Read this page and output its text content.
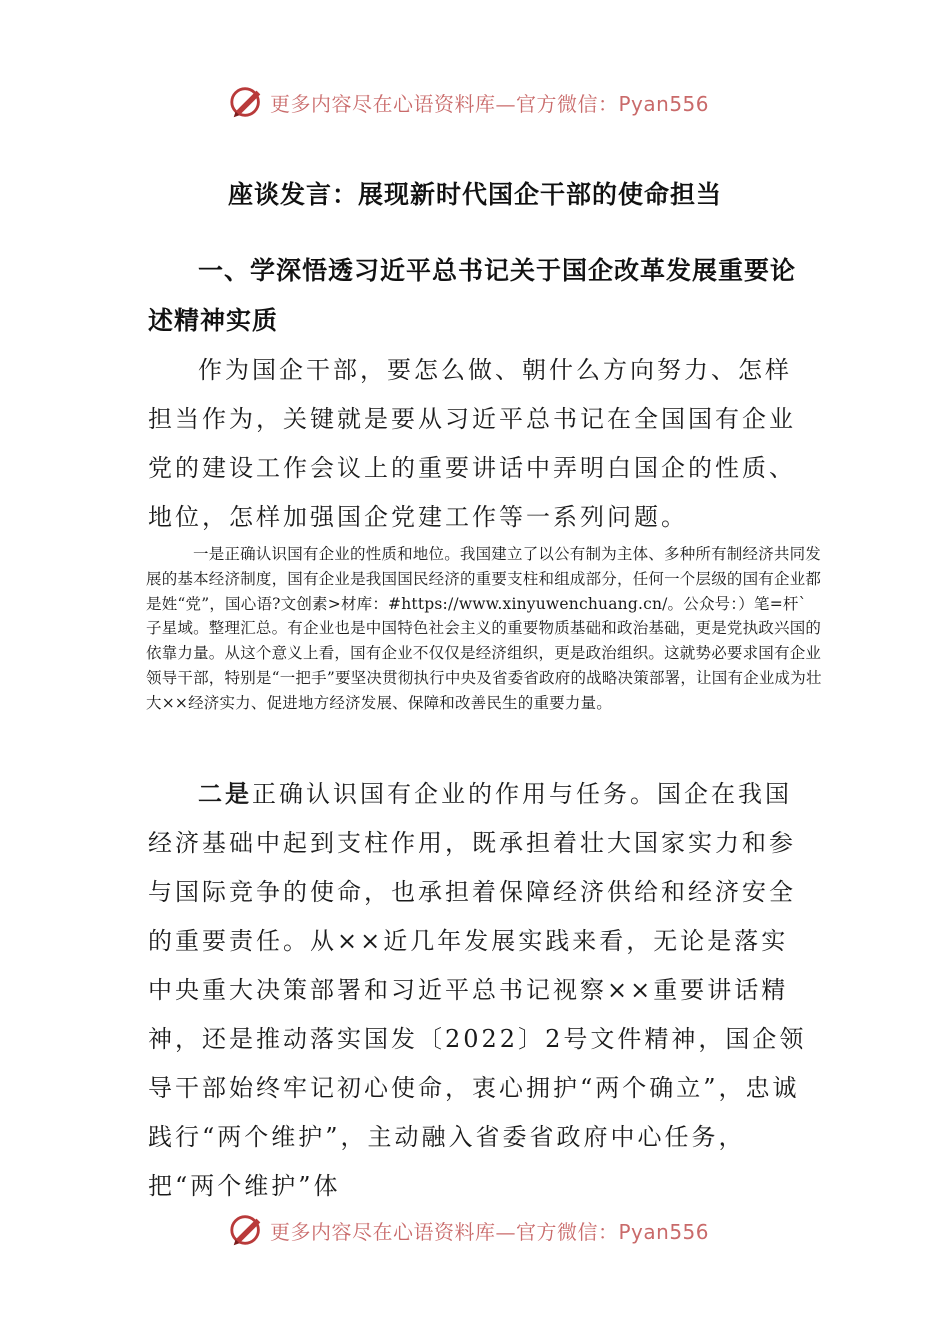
更多内容尽在心语资料库—官方微信：Pyan556
座谈发言：展现新时代国企干部的使命担当
一、学深悟透习近平总书记关于国企改革发展重要论述精神实质

作为国企干部，要怎么做、朝什么方向努力、怎样担当作为，关键就是要从习近平总书记在全国国有企业党的建设工作会议上的重要讲话中弄明白国企的性质、地位，怎样加强国企党建工作等一系列问题。

一是正确认识国有企业的性质和地位。我国建立了以公有制为主体、多种所有制经济共同发展的基本经济制度，国有企业是我国国民经济的重要支柱和组成部分，任何一个层级的国有企业都是姓“党”，国心语?文创素>材库：#https://www.xinyuwenchuang.cn/。公众号：）笔=杆`子星域。整理汇总。有企业也是中国特色社会主义的重要物质基础和政治基础，更是党执政兴国的依靠力量。从这个意义上看，国有企业不仅仅是经济组织，更是政治组织。这就势必要求国有企业领导干部，特别是“一把手”要坚决贯彻执行中央及省委省政府的战略决策部署，让国有企业成为壮大××经济实力、促进地方经济发展、保障和改善民生的重要力量。

二是正确认识国有企业的作用与任务。国企在我国经济基础中起到支柱作用，既承担着壮大国家实力和参与国际竞争的使命，也承担着保障经济供给和经济安全的重要责任。从××近几年发展实践来看，无论是落实中央重大决策部署和习近平总书记视察××重要讲话精神，还是推动落实国发〔2022〕2号文件精神，国企领导干部始终牢记初心使命，衷心拥护“两个确立”，忠诚践行“两个维护”，主动融入省委省政府中心任务，把“两个维护”体

更多内容尽在心语资料库—官方微信：Pyan556
